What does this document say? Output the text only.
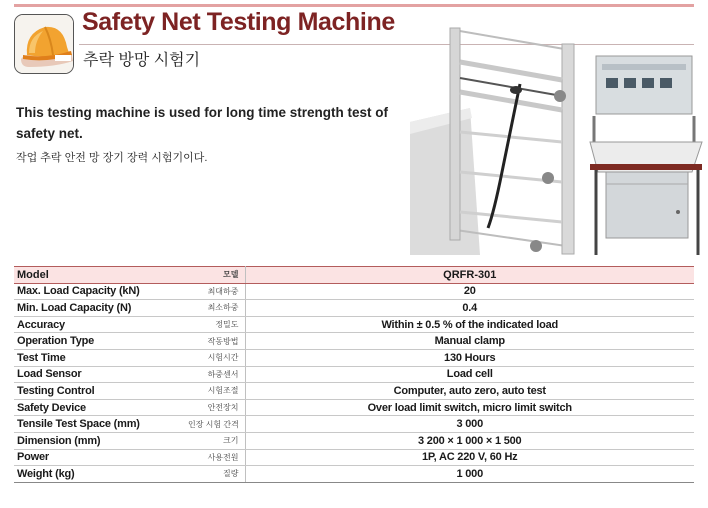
Safety Net Testing Machine
추락 방망 시험기

This testing machine is used for long time strength test of safety net.

작업 추락 안전 망 장기 장력 시험기이다.

Model	모델	QRFR-301
Max. Load Capacity (kN)	최대하중	20
Min. Load Capacity (N)	최소하중	0.4
Accuracy	정밀도	Within ± 0.5 % of the indicated load
Operation Type	작동방법	Manual clamp
Test Time	시험시간	130 Hours
Load Sensor	하중센서	Load cell
Testing Control	시험조절	Computer, auto zero, auto test
Safety Device	안전장치	Over load limit switch, micro limit switch
Tensile Test Space (mm)	인장 시험 간격	3 000
Dimension (mm)	크기	3 200 × 1 000 × 1 500
Power	사용전원	1P, AC 220 V, 60 Hz
Weight (kg)	질량	1 000
